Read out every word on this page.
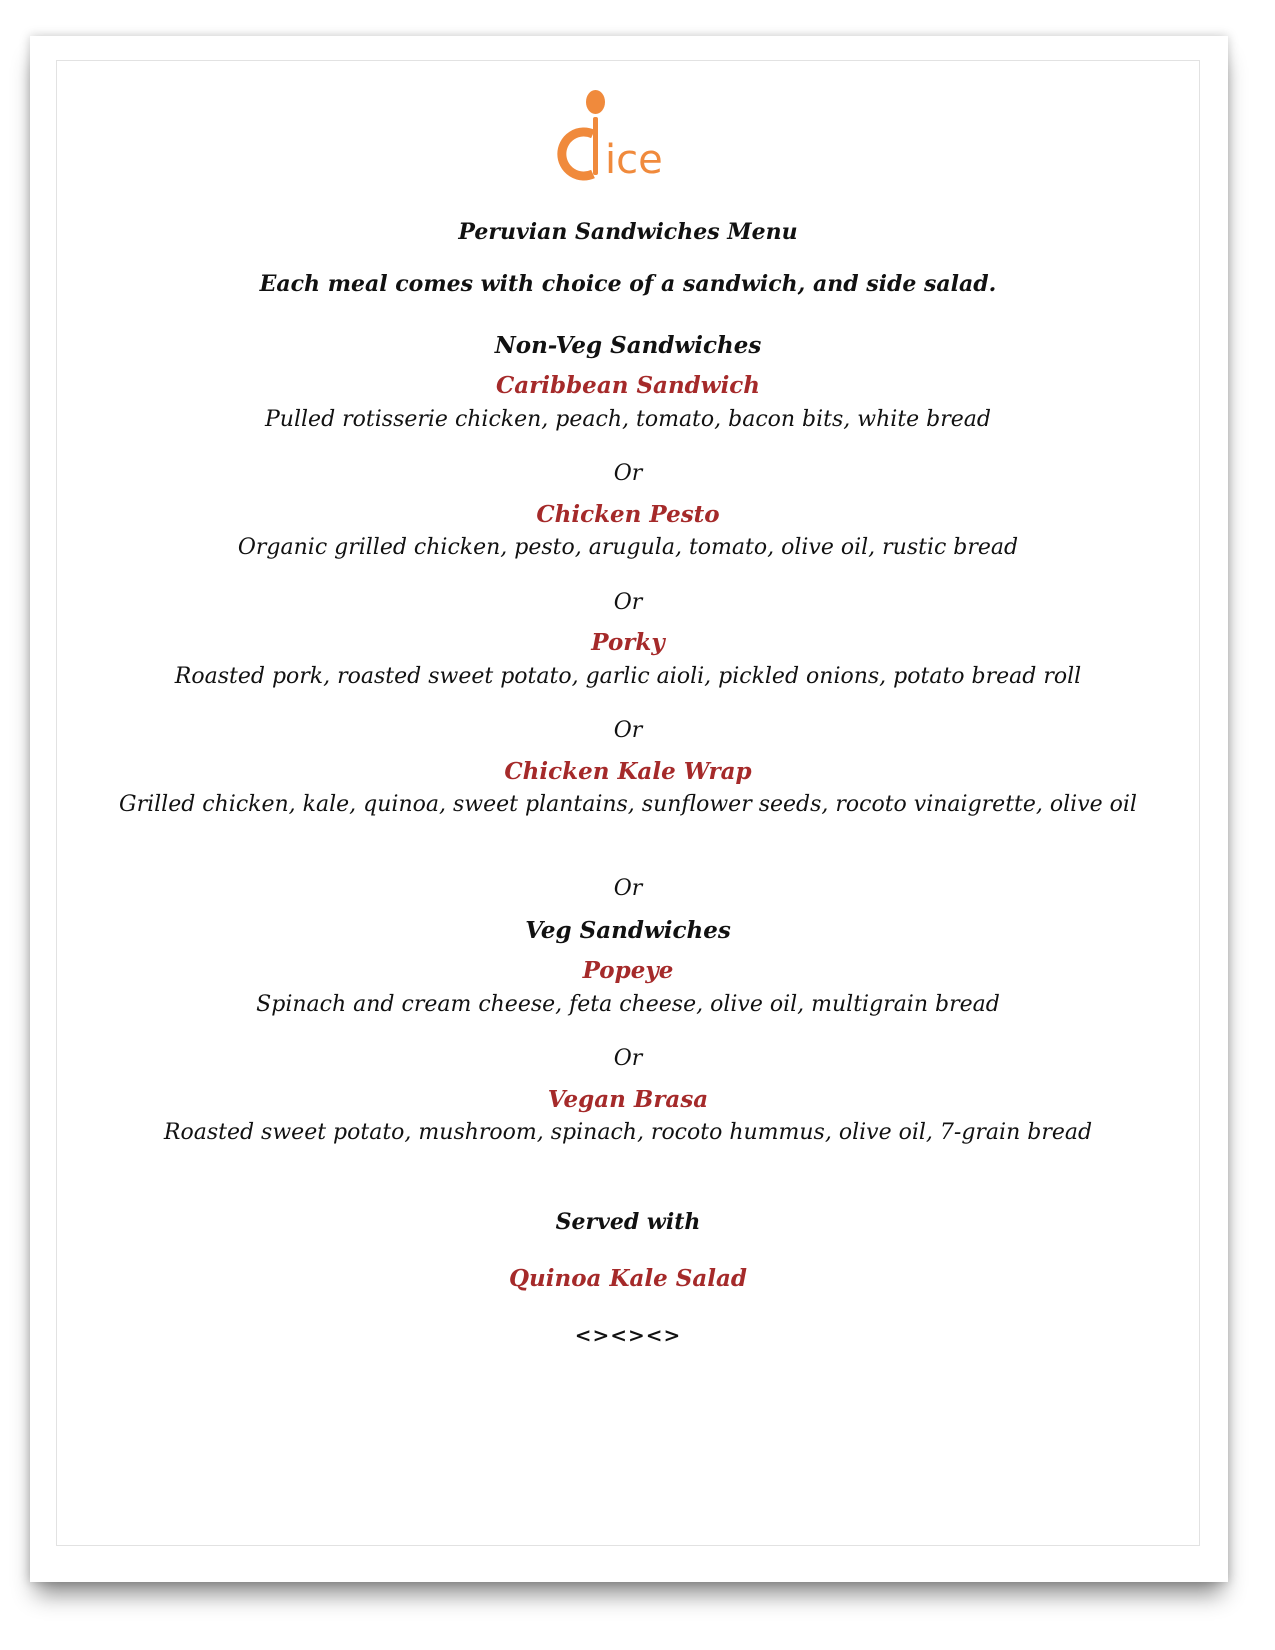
ice

Peruvian Sandwiches Menu

Each meal comes with choice of a sandwich, and side salad.

Non-Veg Sandwiches

Caribbean Sandwich

Pulled rotisserie chicken, peach, tomato, bacon bits, white bread

Or

Chicken Pesto

Organic grilled chicken, pesto, arugula, tomato, olive oil, rustic bread

Or

Porky

Roasted pork, roasted sweet potato, garlic aioli, pickled onions, potato bread roll

Or

Chicken Kale Wrap

Grilled chicken, kale, quinoa, sweet plantains, sunflower seeds, rocoto vinaigrette, olive oil

Or

Veg Sandwiches

Popeye

Spinach and cream cheese, feta cheese, olive oil, multigrain bread

Or

Vegan Brasa

Roasted sweet potato, mushroom, spinach, rocoto hummus, olive oil, 7-grain bread

Served with

Quinoa Kale Salad

<><><>
